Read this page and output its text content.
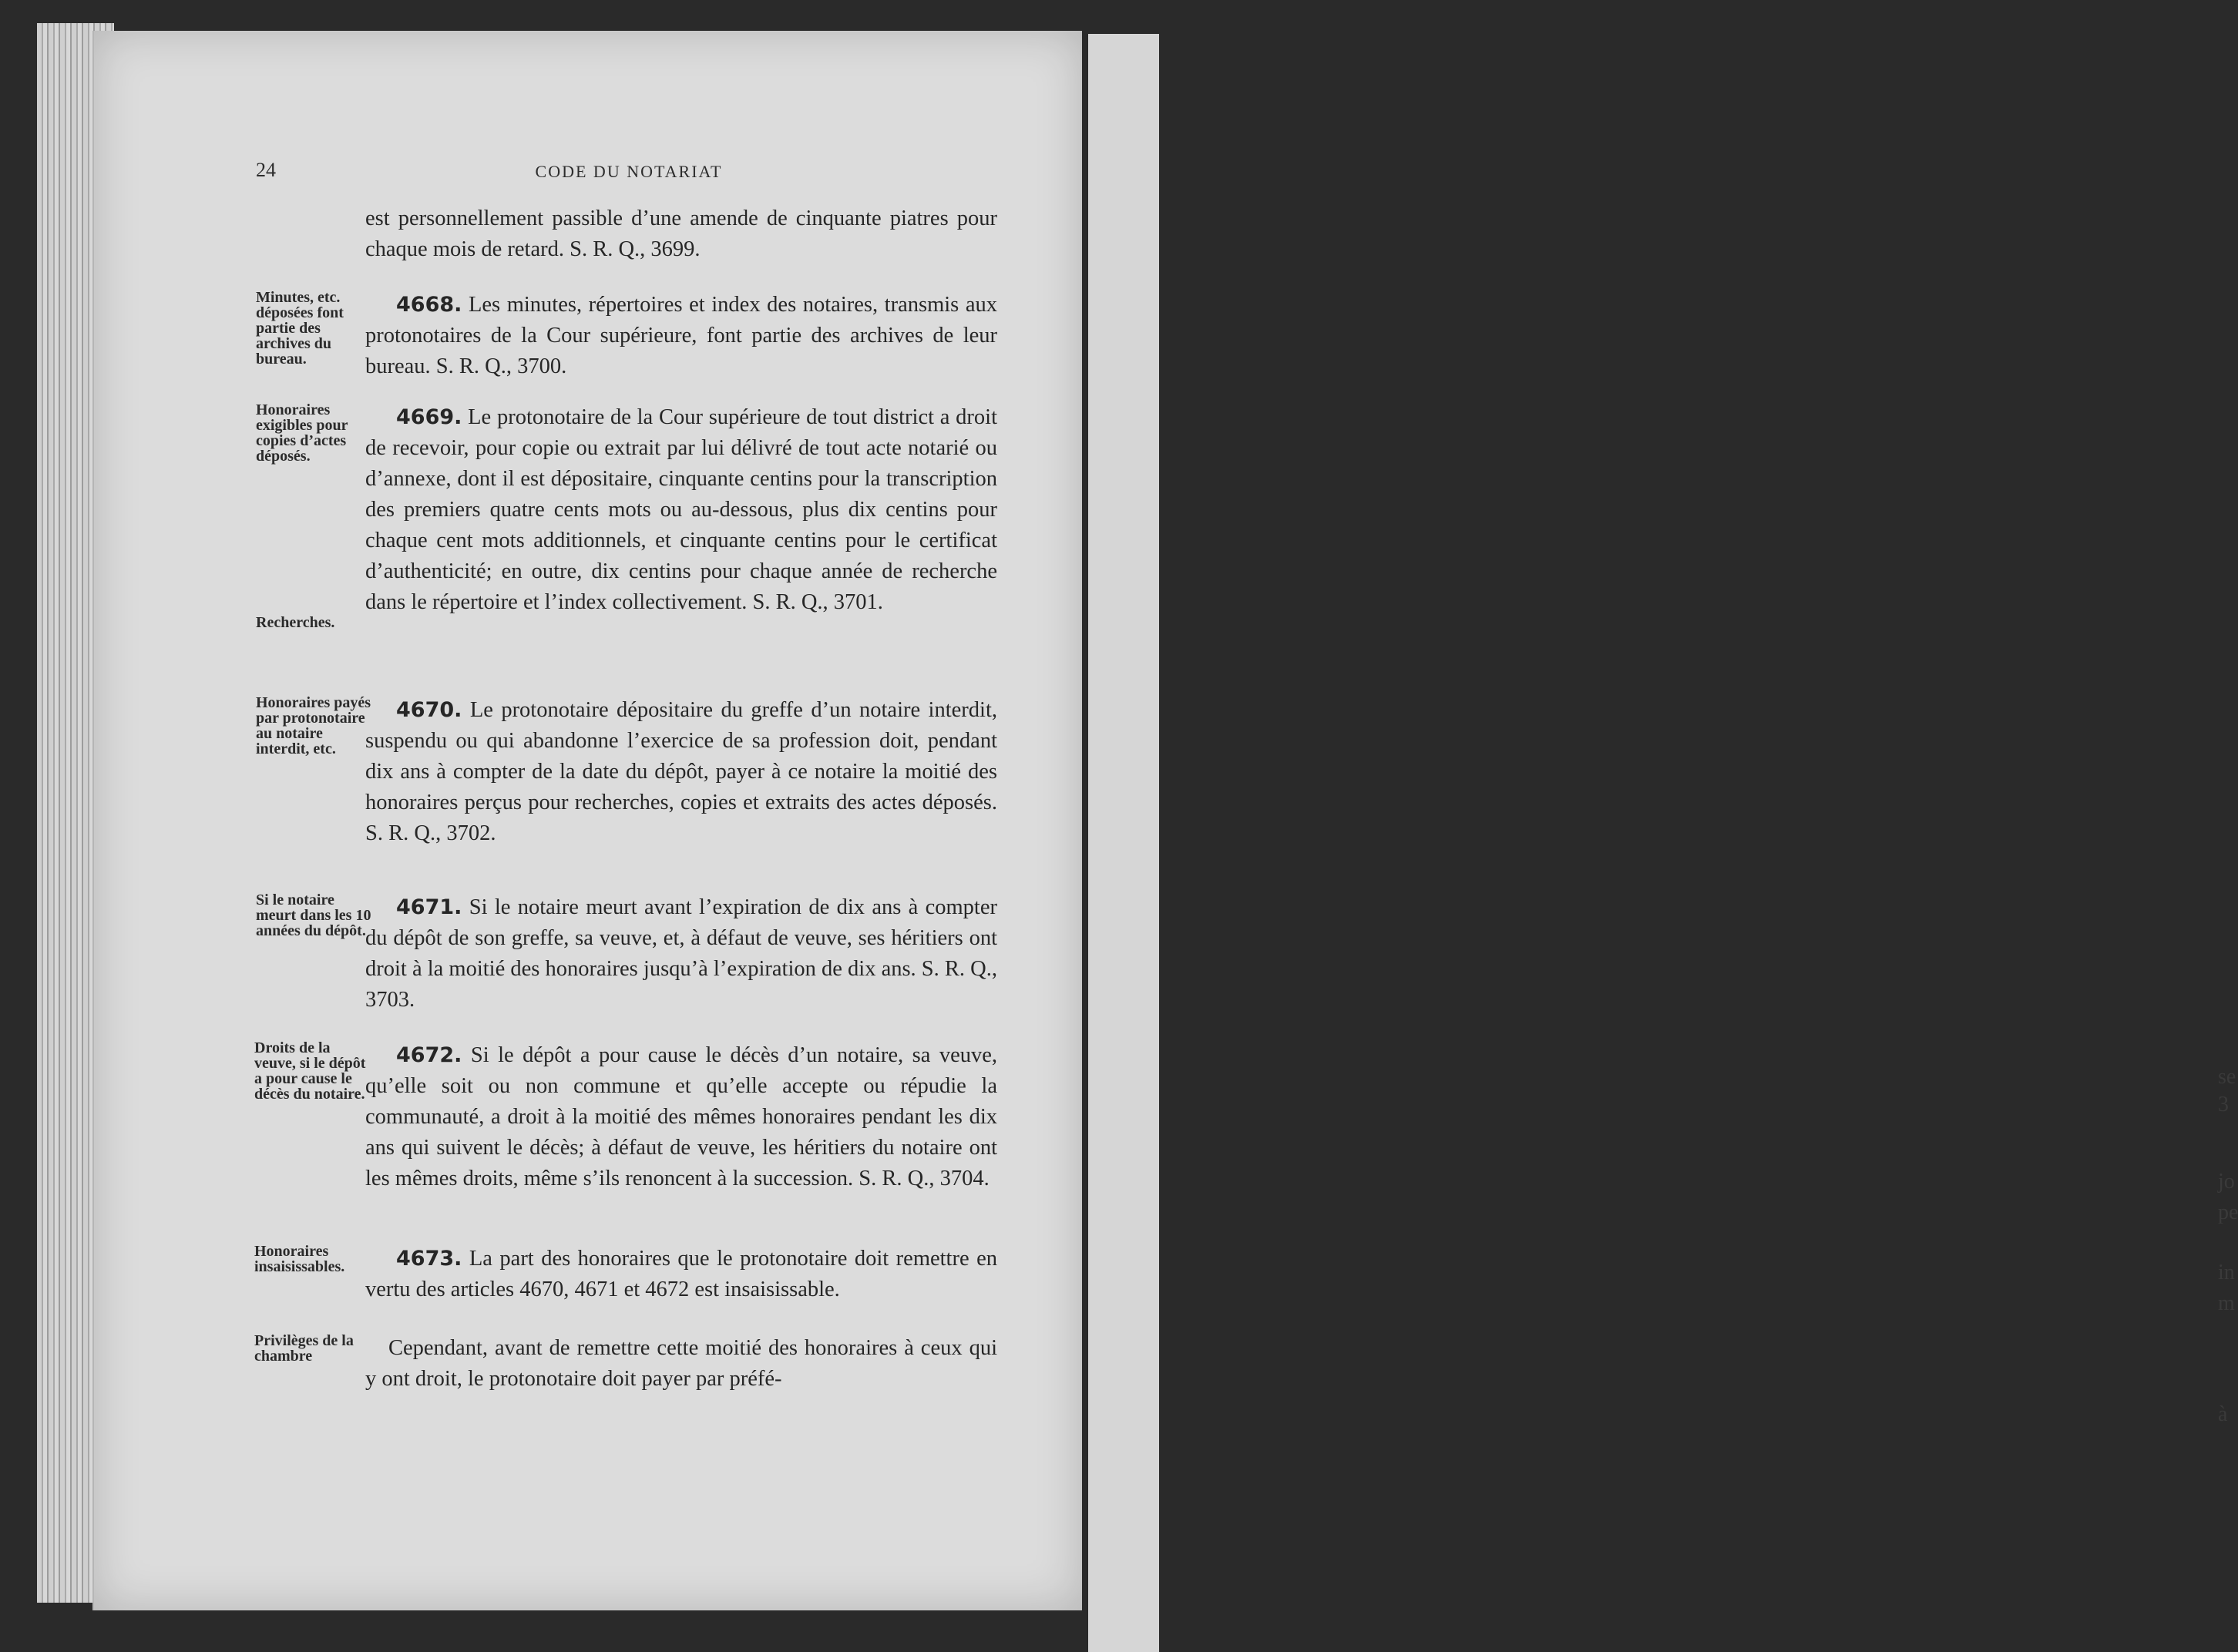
se
3
jo
pe
in
m
à
24	CODE DU NOTARIAT
Minutes, etc. déposées font partie des archives du bureau.
Honoraires exigibles pour copies d’actes déposés.
Recherches.
Honoraires payés par protonotaire au notaire interdit, etc.
Si le notaire meurt dans les 10 années du dépôt.
Droits de la veuve, si le dépôt a pour cause le décès du notaire.
Honoraires insaisissables.
Privilèges de la chambre

est personnellement passible d’une amende de cinquante piatres pour chaque mois de retard. S. R. Q., 3699.

4668. Les minutes, répertoires et index des notaires, transmis aux protonotaires de la Cour supérieure, font partie des archives de leur bureau. S. R. Q., 3700.

4669. Le protonotaire de la Cour supérieure de tout district a droit de recevoir, pour copie ou extrait par lui délivré de tout acte notarié ou d’annexe, dont il est dépositaire, cinquante centins pour la transcription des premiers quatre cents mots ou au-dessous, plus dix centins pour chaque cent mots additionnels, et cinquante centins pour le certificat d’authenticité; en outre, dix centins pour chaque année de recherche dans le répertoire et l’index collectivement. S. R. Q., 3701.

4670. Le protonotaire dépositaire du greffe d’un notaire interdit, suspendu ou qui abandonne l’exercice de sa profession doit, pendant dix ans à compter de la date du dépôt, payer à ce notaire la moitié des honoraires perçus pour recherches, copies et extraits des actes déposés. S. R. Q., 3702.

4671. Si le notaire meurt avant l’expiration de dix ans à compter du dépôt de son greffe, sa veuve, et, à défaut de veuve, ses héritiers ont droit à la moitié des honoraires jusqu’à l’expiration de dix ans. S. R. Q., 3703.

4672. Si le dépôt a pour cause le décès d’un notaire, sa veuve, qu’elle soit ou non commune et qu’elle accepte ou répudie la communauté, a droit à la moitié des mêmes honoraires pendant les dix ans qui suivent le décès; à défaut de veuve, les héritiers du notaire ont les mêmes droits, même s’ils renoncent à la succession. S. R. Q., 3704.

4673. La part des honoraires que le protonotaire doit remettre en vertu des articles 4670, 4671 et 4672 est insaisissable.

Cependant, avant de remettre cette moitié des honoraires à ceux qui y ont droit, le protonotaire doit payer par préfé-
